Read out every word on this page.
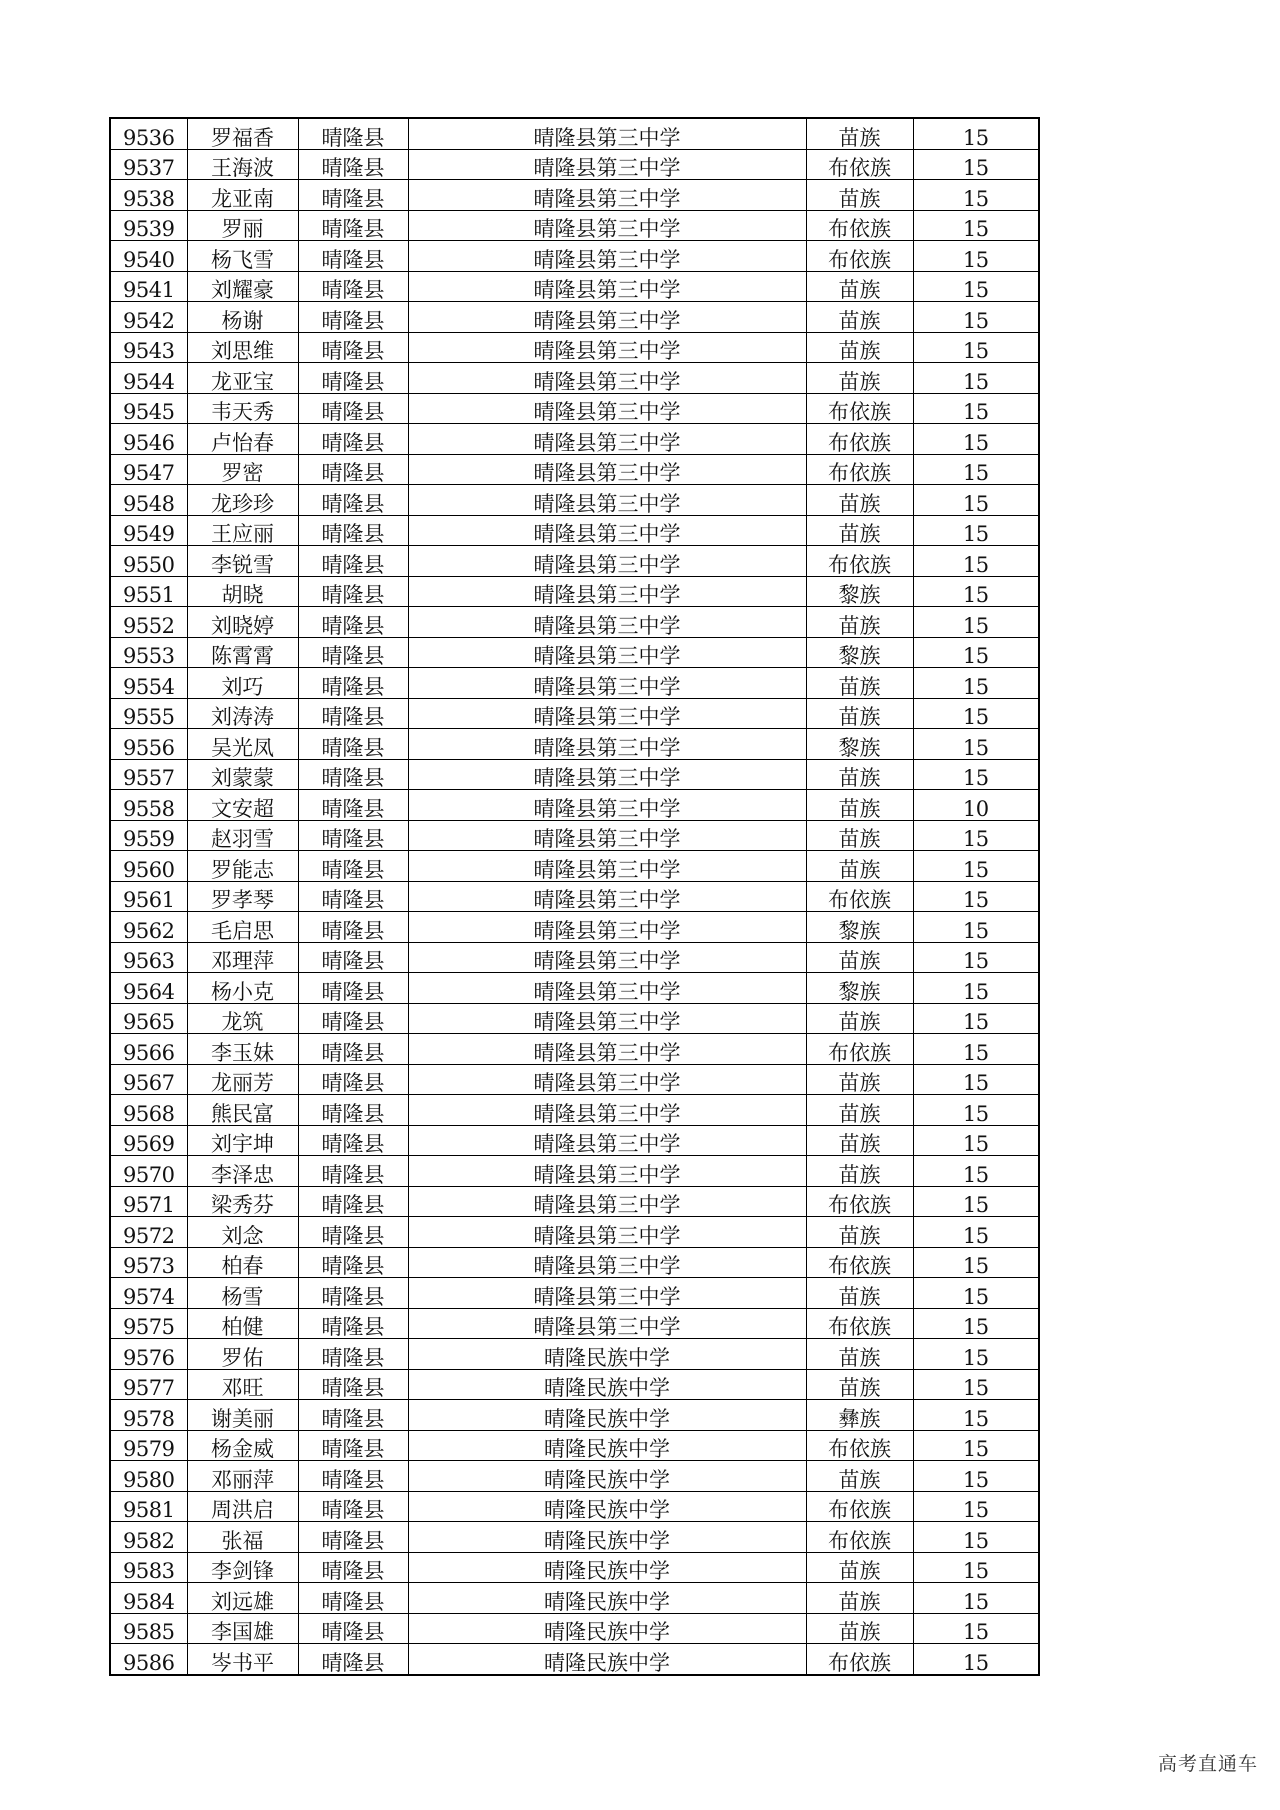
9536	罗福香	晴隆县	晴隆县第三中学	苗族	15
9537	王海波	晴隆县	晴隆县第三中学	布依族	15
9538	龙亚南	晴隆县	晴隆县第三中学	苗族	15
9539	罗丽	晴隆县	晴隆县第三中学	布依族	15
9540	杨飞雪	晴隆县	晴隆县第三中学	布依族	15
9541	刘耀豪	晴隆县	晴隆县第三中学	苗族	15
9542	杨谢	晴隆县	晴隆县第三中学	苗族	15
9543	刘思维	晴隆县	晴隆县第三中学	苗族	15
9544	龙亚宝	晴隆县	晴隆县第三中学	苗族	15
9545	韦天秀	晴隆县	晴隆县第三中学	布依族	15
9546	卢怡春	晴隆县	晴隆县第三中学	布依族	15
9547	罗密	晴隆县	晴隆县第三中学	布依族	15
9548	龙珍珍	晴隆县	晴隆县第三中学	苗族	15
9549	王应丽	晴隆县	晴隆县第三中学	苗族	15
9550	李锐雪	晴隆县	晴隆县第三中学	布依族	15
9551	胡晓	晴隆县	晴隆县第三中学	黎族	15
9552	刘晓婷	晴隆县	晴隆县第三中学	苗族	15
9553	陈霄霄	晴隆县	晴隆县第三中学	黎族	15
9554	刘巧	晴隆县	晴隆县第三中学	苗族	15
9555	刘涛涛	晴隆县	晴隆县第三中学	苗族	15
9556	吴光凤	晴隆县	晴隆县第三中学	黎族	15
9557	刘蒙蒙	晴隆县	晴隆县第三中学	苗族	15
9558	文安超	晴隆县	晴隆县第三中学	苗族	10
9559	赵羽雪	晴隆县	晴隆县第三中学	苗族	15
9560	罗能志	晴隆县	晴隆县第三中学	苗族	15
9561	罗孝琴	晴隆县	晴隆县第三中学	布依族	15
9562	毛启思	晴隆县	晴隆县第三中学	黎族	15
9563	邓理萍	晴隆县	晴隆县第三中学	苗族	15
9564	杨小克	晴隆县	晴隆县第三中学	黎族	15
9565	龙筑	晴隆县	晴隆县第三中学	苗族	15
9566	李玉妹	晴隆县	晴隆县第三中学	布依族	15
9567	龙丽芳	晴隆县	晴隆县第三中学	苗族	15
9568	熊民富	晴隆县	晴隆县第三中学	苗族	15
9569	刘宇坤	晴隆县	晴隆县第三中学	苗族	15
9570	李泽忠	晴隆县	晴隆县第三中学	苗族	15
9571	梁秀芬	晴隆县	晴隆县第三中学	布依族	15
9572	刘念	晴隆县	晴隆县第三中学	苗族	15
9573	柏春	晴隆县	晴隆县第三中学	布依族	15
9574	杨雪	晴隆县	晴隆县第三中学	苗族	15
9575	柏健	晴隆县	晴隆县第三中学	布依族	15
9576	罗佑	晴隆县	晴隆民族中学	苗族	15
9577	邓旺	晴隆县	晴隆民族中学	苗族	15
9578	谢美丽	晴隆县	晴隆民族中学	彝族	15
9579	杨金威	晴隆县	晴隆民族中学	布依族	15
9580	邓丽萍	晴隆县	晴隆民族中学	苗族	15
9581	周洪启	晴隆县	晴隆民族中学	布依族	15
9582	张福	晴隆县	晴隆民族中学	布依族	15
9583	李剑锋	晴隆县	晴隆民族中学	苗族	15
9584	刘远雄	晴隆县	晴隆民族中学	苗族	15
9585	李国雄	晴隆县	晴隆民族中学	苗族	15
9586	岑书平	晴隆县	晴隆民族中学	布依族	15
高考直通车
